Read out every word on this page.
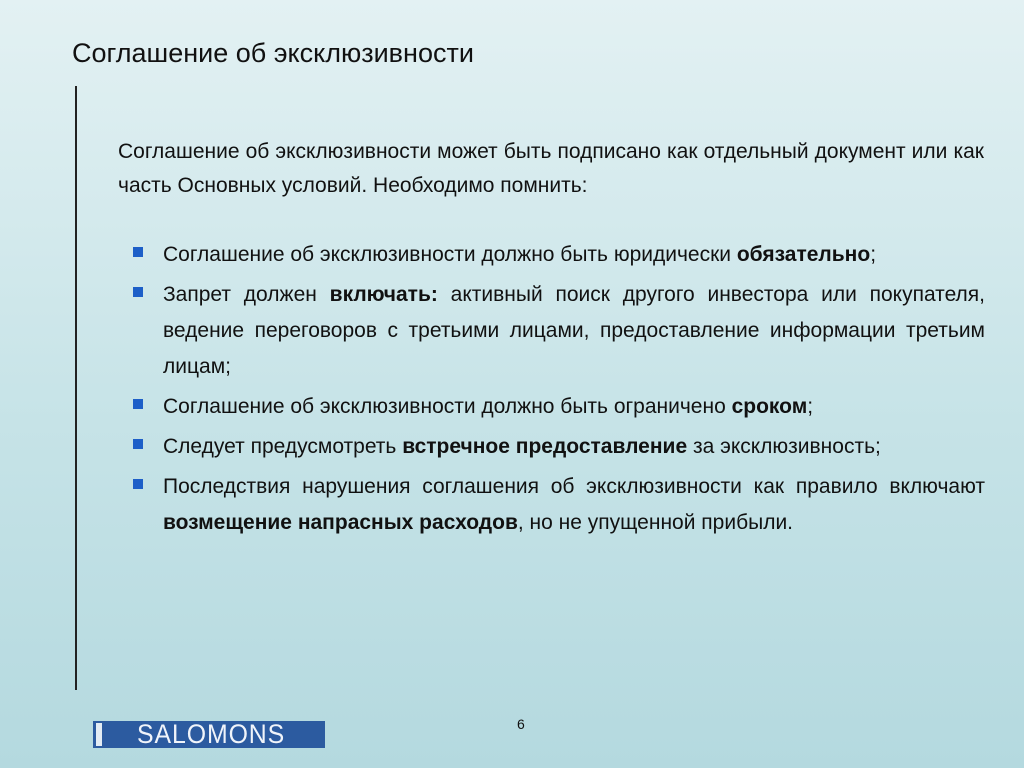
Соглашение об эксклюзивности
Соглашение об эксклюзивности может быть подписано как отдельный документ или как часть Основных условий. Необходимо помнить:
Соглашение об эксклюзивности должно быть юридически обязательно;
Запрет должен включать: активный поиск другого инвестора или покупателя, ведение переговоров с третьими лицами, предоставление информации третьим лицам;
Соглашение об эксклюзивности должно быть ограничено сроком;
Следует предусмотреть встречное предоставление за эксклюзивность;
Последствия нарушения соглашения об эксклюзивности как правило включают возмещение напрасных расходов, но не упущенной прибыли.
SALOMONS	6
